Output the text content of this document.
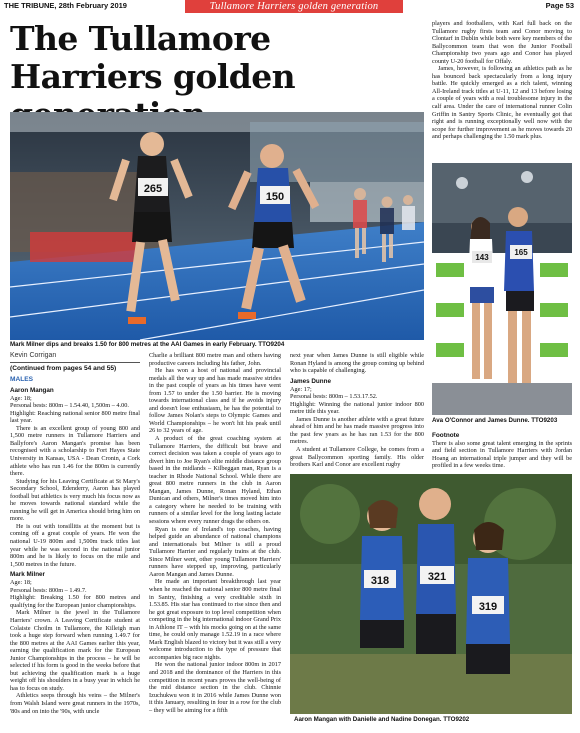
THE TRIBUNE, 28th February 2019	Tullamore Harriers golden generation	Page 53
The Tullamore Harriers golden
265
150
Mark Milner dips and breaks 1.50 for 800 metres at the AAI Games in early February. TTO9204
Kevin Corrigan
(Continued from pages 54 and 55)
MALES
Aaron Mangan

Age: 18;

Personal bests: 800m – 1.54.40, 1,500m – 4.00.

Highlight: Reaching national senior 800 metre final last year.

There is an excellent group of young 800 and 1,500 metre runners in Tullamore Harriers and Ballyfore's Aaron Mangan's promise has been recognised with a scholarship to Fort Hayes State University in Kansas, USA - Dean Cronin, a Cork athlete who has run 1.46 for the 800m is currently there.

Studying for his Leaving Certificate at St Mary's Secondary School, Edenderry, Aaron has played football but athletics is very much his focus now as he moves towards national standard while the running he will get in America should bring him on more.

He is out with tonsillitis at the moment but is coming off a great couple of years. He won the national U-19 800m and 1,500m track titles last year while he was second in the national junior 800m and he is likely to focus on the mile and 1,500 metres in the future.

Mark Milner

Age: 18;

Personal bests: 800m – 1.49.7.

Highlight: Breaking 1.50 for 800 metres and qualifying for the European junior championships.

Mark Milner is the jewel in the Tullamore Harriers' crown. A Leaving Certificate student at Colaiste Choilm in Tullamore, the Killeigh man took a huge step forward when running 1.49.7 for the 800 metres at the AAI Games earlier this year, earning the qualification mark for the European Junior Championships in the process – he will be selected if his form is good in the weeks before that but achieving the qualification mark is a huge weight off his shoulders in a busy year in which he has to focus on study.

Athletics seeps through his veins – the Milner's from Walsh Island were great runners in the 1970s, '80s and on into the '90s, with uncle

Charlie a brilliant 800 metre man and others having productive careers including his father, John.

He has won a host of national and provincial medals all the way up and has made massive strides in the past couple of years as his times have went from 1.57 to under the 1.50 barrier. He is moving towards international class and if he avoids injury and doesn't lose enthusiasm, he has the potential to follow James Nolan's steps to Olympic Games and World Championships – he won't hit his peak until 26 to 32 years of age.

A product of the great coaching system at Tullamore Harriers, the difficult but brave and correct decision was taken a couple of years ago to divert him to Joe Ryan's elite middle distance group based in the midlands – Kilbeggan man, Ryan is a teacher in Rhode National School. While there are great 800 metre runners in the club in Aaron Mangan, James Dunne, Ronan Hyland, Ethan Dunican and others, Milner's times moved him into a category where he needed to be training with runners of a similar level for the long lasting lactate sessions where every runner drags the others on.

Ryan is one of Ireland's top coaches, having helped guide an abundance of national champions and internationals but Milner is still a proud Tullamore Harrier and regularly trains at the club. Since Milner went, other young Tullamore Harriers' runners have stepped up, improving, particularly Aaron Mangan and James Dunne.

He made an important breakthrough last year when he reached the national senior 800 metre final in Santry, finishing a very creditable sixth in 1.53.85. His star has continued to rise since then and he got great exposure to top level competition when competing in the big international indoor Grand Prix in Athlone IT – with his mocks going on at the same time, he could only manage 1.52.19 in a race where Mark English blazed to victory but it was still a very welcome introduction to the type of pressure that accompanies big race nights.

He won the national junior indoor 800m in 2017 and 2018 and the dominance of the Harriers in this competition in recent years proves the well-being of the mid distance section in the club. Chinnie Izuchukwu won it in 2016 while James Dunne won it this January, resulting in four in a row for the club – they will be aiming for a fifth

next year when James Dunne is still eligible while Ronan Hyland is among the group coming up behind who is capable of challenging.

James Dunne

Age: 17;

Personal bests: 800m – 1.53.17.52.

Highlight: Winning the national junior indoor 800 metre title this year.

James Dunne is another athlete with a great future ahead of him and he has made massive progress into the past few years as he has ran 1.53 for the 800 metres.

A student at Tullamore College, he comes from a great Ballycommon sporting family. His older brothers Karl and Conor are excellent rugby

players and footballers, with Karl full back on the Tullamore rugby firsts team and Conor moving to Clontarf in Dublin while both were key members of the Ballycommon team that won the Junior Football Championship two years ago and Conor has played county U-20 football for Offaly.

James, however, is following an athletics path as he has bounced back spectacularly from a long injury battle. He quickly emerged as a rich talent, winning All-Ireland track titles at U-11, 12 and 13 before losing a couple of years with a real troublesome injury in the calf area. Under the care of international runner Colin Griffin in Santry Sports Clinic, he eventually got that right and is running exceptionally well now with the scope for further improvement as he moves towards 20 and perhaps challenging the 1.50 mark plus.

143
165
Ava O'Connor and James Dunne. TTO9203
Footnote

There is also some great talent emerging in the sprints and field section in Tullamore Harriers with Jordan Hoang an international triple jumper and they will be profiled in a few weeks time.

318	321
319
Aaron Mangan with Danielle and Nadine Donegan. TTO9202
